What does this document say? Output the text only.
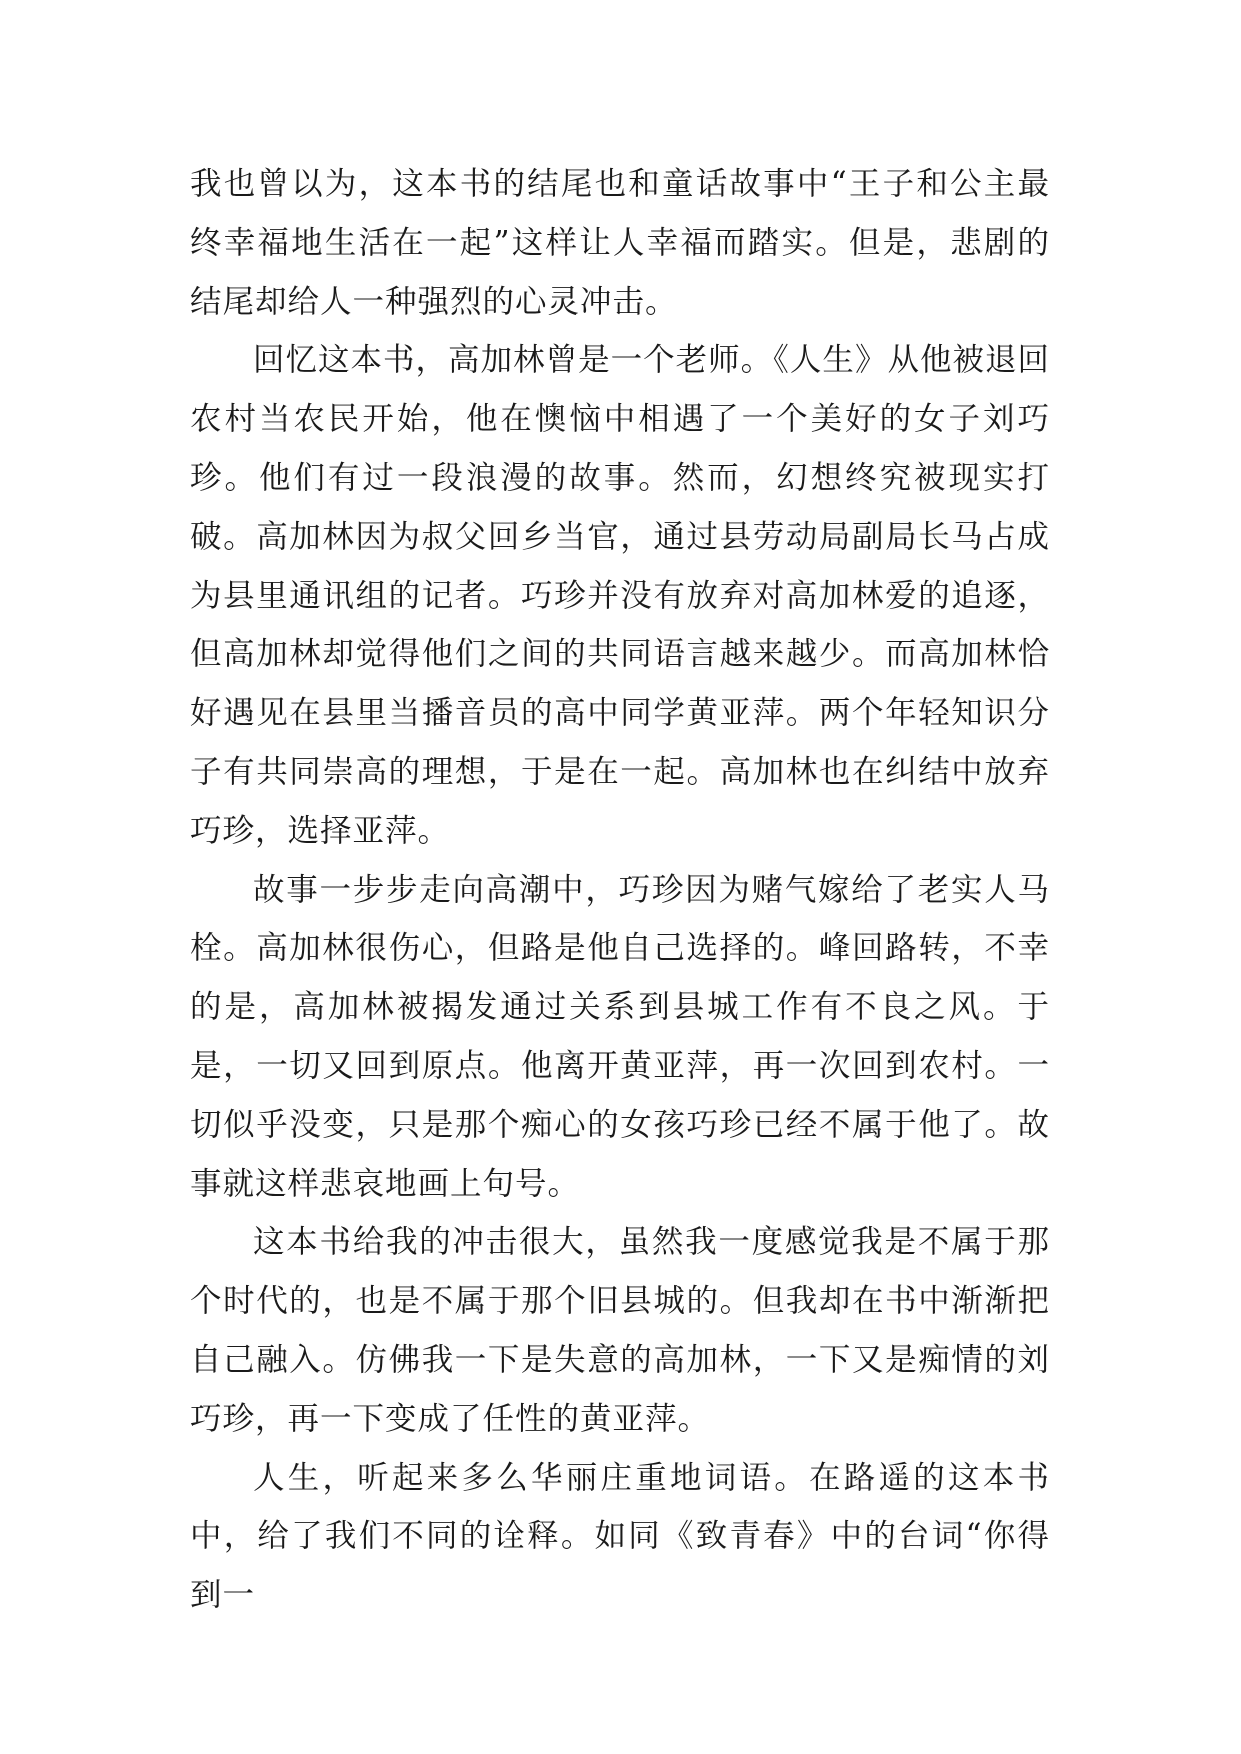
我也曾以为，这本书的结尾也和童话故事中“王子和公主最终幸福地生活在一起”这样让人幸福而踏实。但是，悲剧的结尾却给人一种强烈的心灵冲击。

回忆这本书，高加林曾是一个老师。《人生》从他被退回农村当农民开始，他在懊恼中相遇了一个美好的女子刘巧珍。他们有过一段浪漫的故事。然而，幻想终究被现实打破。高加林因为叔父回乡当官，通过县劳动局副局长马占成为县里通讯组的记者。巧珍并没有放弃对高加林爱的追逐，但高加林却觉得他们之间的共同语言越来越少。而高加林恰好遇见在县里当播音员的高中同学黄亚萍。两个年轻知识分子有共同崇高的理想，于是在一起。高加林也在纠结中放弃巧珍，选择亚萍。

故事一步步走向高潮中，巧珍因为赌气嫁给了老实人马栓。高加林很伤心，但路是他自己选择的。峰回路转，不幸的是，高加林被揭发通过关系到县城工作有不良之风。于是，一切又回到原点。他离开黄亚萍，再一次回到农村。一切似乎没变，只是那个痴心的女孩巧珍已经不属于他了。故事就这样悲哀地画上句号。

这本书给我的冲击很大，虽然我一度感觉我是不属于那个时代的，也是不属于那个旧县城的。但我却在书中渐渐把自己融入。仿佛我一下是失意的高加林，一下又是痴情的刘巧珍，再一下变成了任性的黄亚萍。

人生，听起来多么华丽庄重地词语。在路遥的这本书中，给了我们不同的诠释。如同《致青春》中的台词“你得到一
